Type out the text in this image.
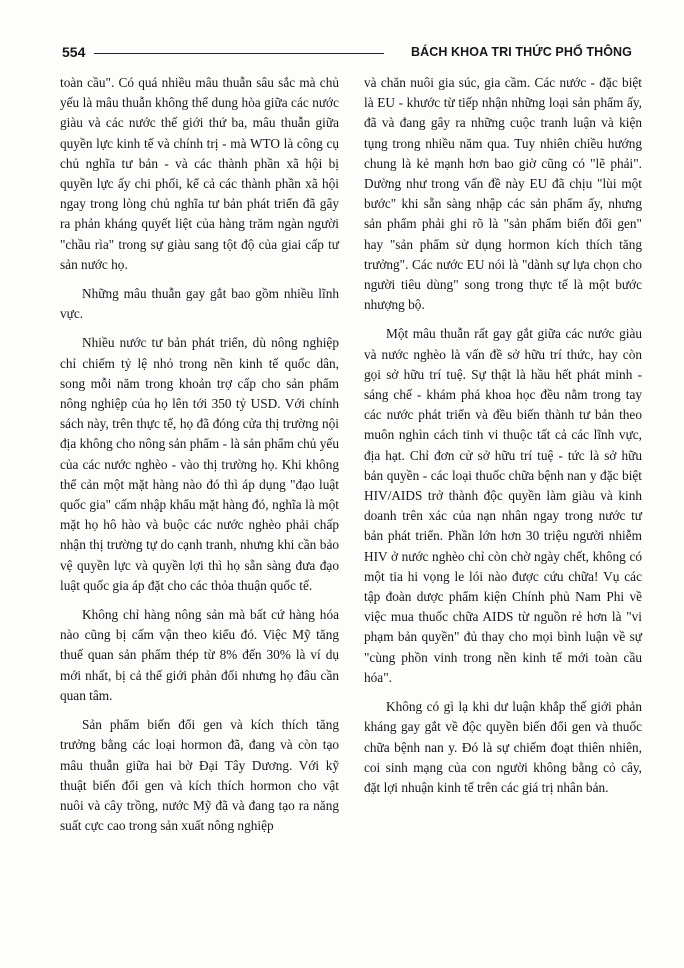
554	BÁCH KHOA TRI THỨC PHỔ THÔNG

toàn cầu". Có quá nhiều mâu thuẫn sâu sắc mà chủ yếu là mâu thuẫn không thể dung hòa giữa các nước giàu và các nước thế giới thứ ba, mâu thuẫn giữa quyền lực kinh tế và chính trị - mà WTO là công cụ chủ nghĩa tư bản - và các thành phần xã hội bị quyền lực ấy chi phối, kể cả các thành phần xã hội ngay trong lòng chủ nghĩa tư bản phát triển đã gây ra phản kháng quyết liệt của hàng trăm ngàn người "chầu rìa" trong sự giàu sang tột độ của giai cấp tư sản nước họ.

Những mâu thuẫn gay gắt bao gồm nhiều lĩnh vực.

Nhiều nước tư bản phát triển, dù nông nghiệp chỉ chiếm tỷ lệ nhỏ trong nền kinh tế quốc dân, song mỗi năm trong khoản trợ cấp cho sản phẩm nông nghiệp của họ lên tới 350 tỷ USD. Với chính sách này, trên thực tế, họ đã đóng cửa thị trường nội địa không cho nông sản phẩm - là sản phẩm chủ yếu của các nước nghèo - vào thị trường họ. Khi không thể cản một mặt hàng nào đó thì áp dụng "đạo luật quốc gia" cấm nhập khẩu mặt hàng đó, nghĩa là một mặt họ hô hào và buộc các nước nghèo phải chấp nhận thị trường tự do cạnh tranh, nhưng khi cần bảo vệ quyền lực và quyền lợi thì họ sẵn sàng đưa đạo luật quốc gia áp đặt cho các thỏa thuận quốc tế.

Không chỉ hàng nông sản mà bất cứ hàng hóa nào cũng bị cấm vận theo kiểu đó. Việc Mỹ tăng thuế quan sản phẩm thép từ 8% đến 30% là ví dụ mới nhất, bị cả thế giới phản đối nhưng họ đâu cần quan tâm.

Sản phẩm biến đổi gen và kích thích tăng trưởng bằng các loại hormon đã, đang và còn tạo mâu thuẫn giữa hai bờ Đại Tây Dương. Với kỹ thuật biến đổi gen và kích thích hormon cho vật nuôi và cây trồng, nước Mỹ đã và đang tạo ra năng suất cực cao trong sản xuất nông nghiệp

và chăn nuôi gia súc, gia cầm. Các nước - đặc biệt là EU - khước từ tiếp nhận những loại sản phẩm ấy, đã và đang gây ra những cuộc tranh luận và kiện tụng trong nhiều năm qua. Tuy nhiên chiều hướng chung là kẻ mạnh hơn bao giờ cũng có "lẽ phải". Dường như trong vấn đề này EU đã chịu "lùi một bước" khi sẵn sàng nhập các sản phẩm ấy, nhưng sản phẩm phải ghi rõ là "sản phẩm biến đổi gen" hay "sản phẩm sử dụng hormon kích thích tăng trưởng". Các nước EU nói là "dành sự lựa chọn cho người tiêu dùng" song trong thực tế là một bước nhượng bộ.

Một mâu thuẫn rất gay gắt giữa các nước giàu và nước nghèo là vấn đề sở hữu trí thức, hay còn gọi sở hữu trí tuệ. Sự thật là hầu hết phát minh - sáng chế - khám phá khoa học đều nằm trong tay các nước phát triển và đều biến thành tư bản theo muôn nghìn cách tinh vi thuộc tất cả các lĩnh vực, địa hạt. Chỉ đơn cử sở hữu trí tuệ - tức là sở hữu bản quyền - các loại thuốc chữa bệnh nan y đặc biệt HIV/AIDS trở thành độc quyền làm giàu và kinh doanh trên xác của nạn nhân ngay trong nước tư bản phát triển. Phần lớn hơn 30 triệu người nhiễm HIV ở nước nghèo chỉ còn chờ ngày chết, không có một tia hi vọng le lói nào được cứu chữa! Vụ các tập đoàn dược phẩm kiện Chính phủ Nam Phi về việc mua thuốc chữa AIDS từ nguồn rẻ hơn là "vi phạm bản quyền" đủ thay cho mọi bình luận về sự "cùng phồn vinh trong nền kinh tế mới toàn cầu hóa".

Không có gì lạ khi dư luận khắp thế giới phản kháng gay gắt về độc quyền biến đổi gen và thuốc chữa bệnh nan y. Đó là sự chiếm đoạt thiên nhiên, coi sinh mạng của con người không bằng cỏ cây, đặt lợi nhuận kinh tế trên các giá trị nhân bản.
